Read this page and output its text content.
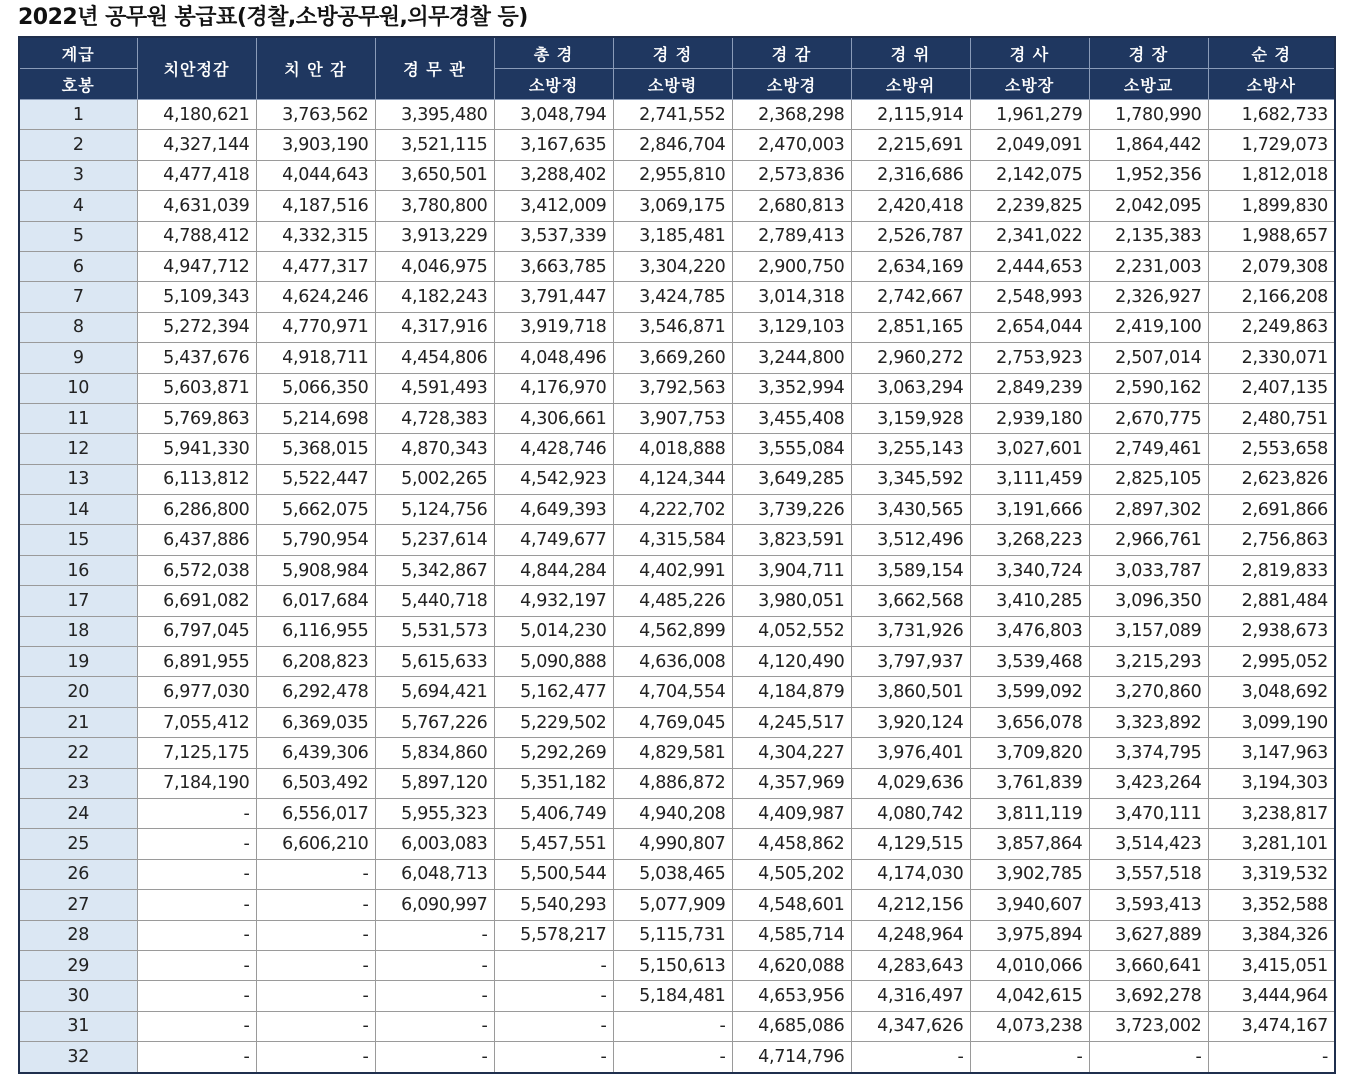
2022년 공무원 봉급표(경찰,소방공무원,의무경찰 등)
계급	치안정감	치 안 감	경 무 관	총 경	경 정	경 감	경 위	경 사	경 장	순 경
호봉				소방정	소방령	소방경	소방위	소방장	소방교	소방사
1	4,180,621	3,763,562	3,395,480	3,048,794	2,741,552	2,368,298	2,115,914	1,961,279	1,780,990	1,682,733
2	4,327,144	3,903,190	3,521,115	3,167,635	2,846,704	2,470,003	2,215,691	2,049,091	1,864,442	1,729,073
3	4,477,418	4,044,643	3,650,501	3,288,402	2,955,810	2,573,836	2,316,686	2,142,075	1,952,356	1,812,018
4	4,631,039	4,187,516	3,780,800	3,412,009	3,069,175	2,680,813	2,420,418	2,239,825	2,042,095	1,899,830
5	4,788,412	4,332,315	3,913,229	3,537,339	3,185,481	2,789,413	2,526,787	2,341,022	2,135,383	1,988,657
6	4,947,712	4,477,317	4,046,975	3,663,785	3,304,220	2,900,750	2,634,169	2,444,653	2,231,003	2,079,308
7	5,109,343	4,624,246	4,182,243	3,791,447	3,424,785	3,014,318	2,742,667	2,548,993	2,326,927	2,166,208
8	5,272,394	4,770,971	4,317,916	3,919,718	3,546,871	3,129,103	2,851,165	2,654,044	2,419,100	2,249,863
9	5,437,676	4,918,711	4,454,806	4,048,496	3,669,260	3,244,800	2,960,272	2,753,923	2,507,014	2,330,071
10	5,603,871	5,066,350	4,591,493	4,176,970	3,792,563	3,352,994	3,063,294	2,849,239	2,590,162	2,407,135
11	5,769,863	5,214,698	4,728,383	4,306,661	3,907,753	3,455,408	3,159,928	2,939,180	2,670,775	2,480,751
12	5,941,330	5,368,015	4,870,343	4,428,746	4,018,888	3,555,084	3,255,143	3,027,601	2,749,461	2,553,658
13	6,113,812	5,522,447	5,002,265	4,542,923	4,124,344	3,649,285	3,345,592	3,111,459	2,825,105	2,623,826
14	6,286,800	5,662,075	5,124,756	4,649,393	4,222,702	3,739,226	3,430,565	3,191,666	2,897,302	2,691,866
15	6,437,886	5,790,954	5,237,614	4,749,677	4,315,584	3,823,591	3,512,496	3,268,223	2,966,761	2,756,863
16	6,572,038	5,908,984	5,342,867	4,844,284	4,402,991	3,904,711	3,589,154	3,340,724	3,033,787	2,819,833
17	6,691,082	6,017,684	5,440,718	4,932,197	4,485,226	3,980,051	3,662,568	3,410,285	3,096,350	2,881,484
18	6,797,045	6,116,955	5,531,573	5,014,230	4,562,899	4,052,552	3,731,926	3,476,803	3,157,089	2,938,673
19	6,891,955	6,208,823	5,615,633	5,090,888	4,636,008	4,120,490	3,797,937	3,539,468	3,215,293	2,995,052
20	6,977,030	6,292,478	5,694,421	5,162,477	4,704,554	4,184,879	3,860,501	3,599,092	3,270,860	3,048,692
21	7,055,412	6,369,035	5,767,226	5,229,502	4,769,045	4,245,517	3,920,124	3,656,078	3,323,892	3,099,190
22	7,125,175	6,439,306	5,834,860	5,292,269	4,829,581	4,304,227	3,976,401	3,709,820	3,374,795	3,147,963
23	7,184,190	6,503,492	5,897,120	5,351,182	4,886,872	4,357,969	4,029,636	3,761,839	3,423,264	3,194,303
24	-	6,556,017	5,955,323	5,406,749	4,940,208	4,409,987	4,080,742	3,811,119	3,470,111	3,238,817
25	-	6,606,210	6,003,083	5,457,551	4,990,807	4,458,862	4,129,515	3,857,864	3,514,423	3,281,101
26	-	-	6,048,713	5,500,544	5,038,465	4,505,202	4,174,030	3,902,785	3,557,518	3,319,532
27	-	-	6,090,997	5,540,293	5,077,909	4,548,601	4,212,156	3,940,607	3,593,413	3,352,588
28	-	-	-	5,578,217	5,115,731	4,585,714	4,248,964	3,975,894	3,627,889	3,384,326
29	-	-	-	-	5,150,613	4,620,088	4,283,643	4,010,066	3,660,641	3,415,051
30	-	-	-	-	5,184,481	4,653,956	4,316,497	4,042,615	3,692,278	3,444,964
31	-	-	-	-	-	4,685,086	4,347,626	4,073,238	3,723,002	3,474,167
32	-	-	-	-	-	4,714,796	-	-	-	-
